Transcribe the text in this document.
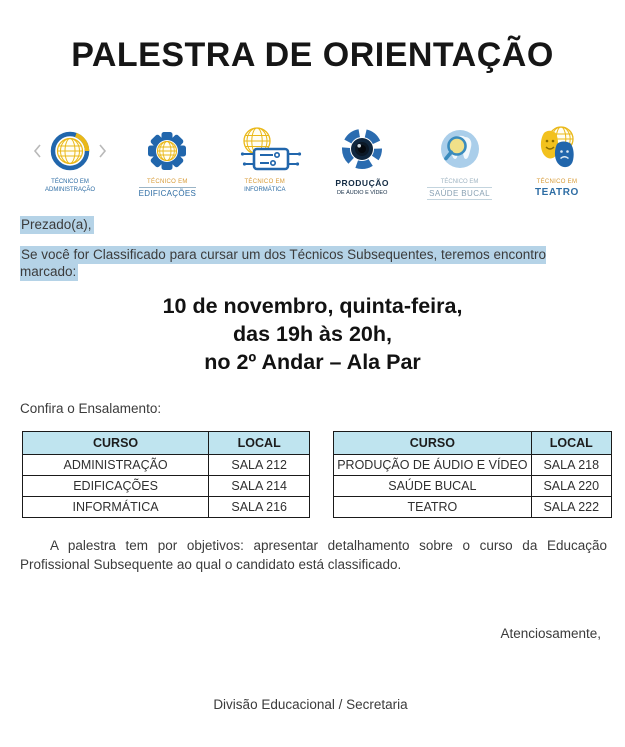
PALESTRA DE ORIENTAÇÃO
TÉCNICO EM
ADMINISTRAÇÃO
TÉCNICO EM
EDIFICAÇÕES
TÉCNICO EM
INFORMÁTICA
PRODUÇÃO
DE ÁUDIO E VÍDEO
TÉCNICO EM
SAÚDE BUCAL
TÉCNICO EM
TEATRO
Prezado(a),
Se você for Classificado para cursar um dos Técnicos Subsequentes, teremos encontro marcado:
10 de novembro, quinta-feira,
das 19h às 20h,
no 2º Andar – Ala Par
Confira o Ensalamento:
CURSO	LOCAL
ADMINISTRAÇÃO	SALA 212
EDIFICAÇÕES	SALA 214
INFORMÁTICA	SALA 216
CURSO	LOCAL
PRODUÇÃO DE ÁUDIO E VÍDEO	SALA 218
SAÚDE BUCAL	SALA 220
TEATRO	SALA 222
A palestra tem por objetivos: apresentar detalhamento sobre o curso da Educação Profissional Subsequente ao qual o candidato está classificado.
Atenciosamente,
Divisão Educacional / Secretaria
